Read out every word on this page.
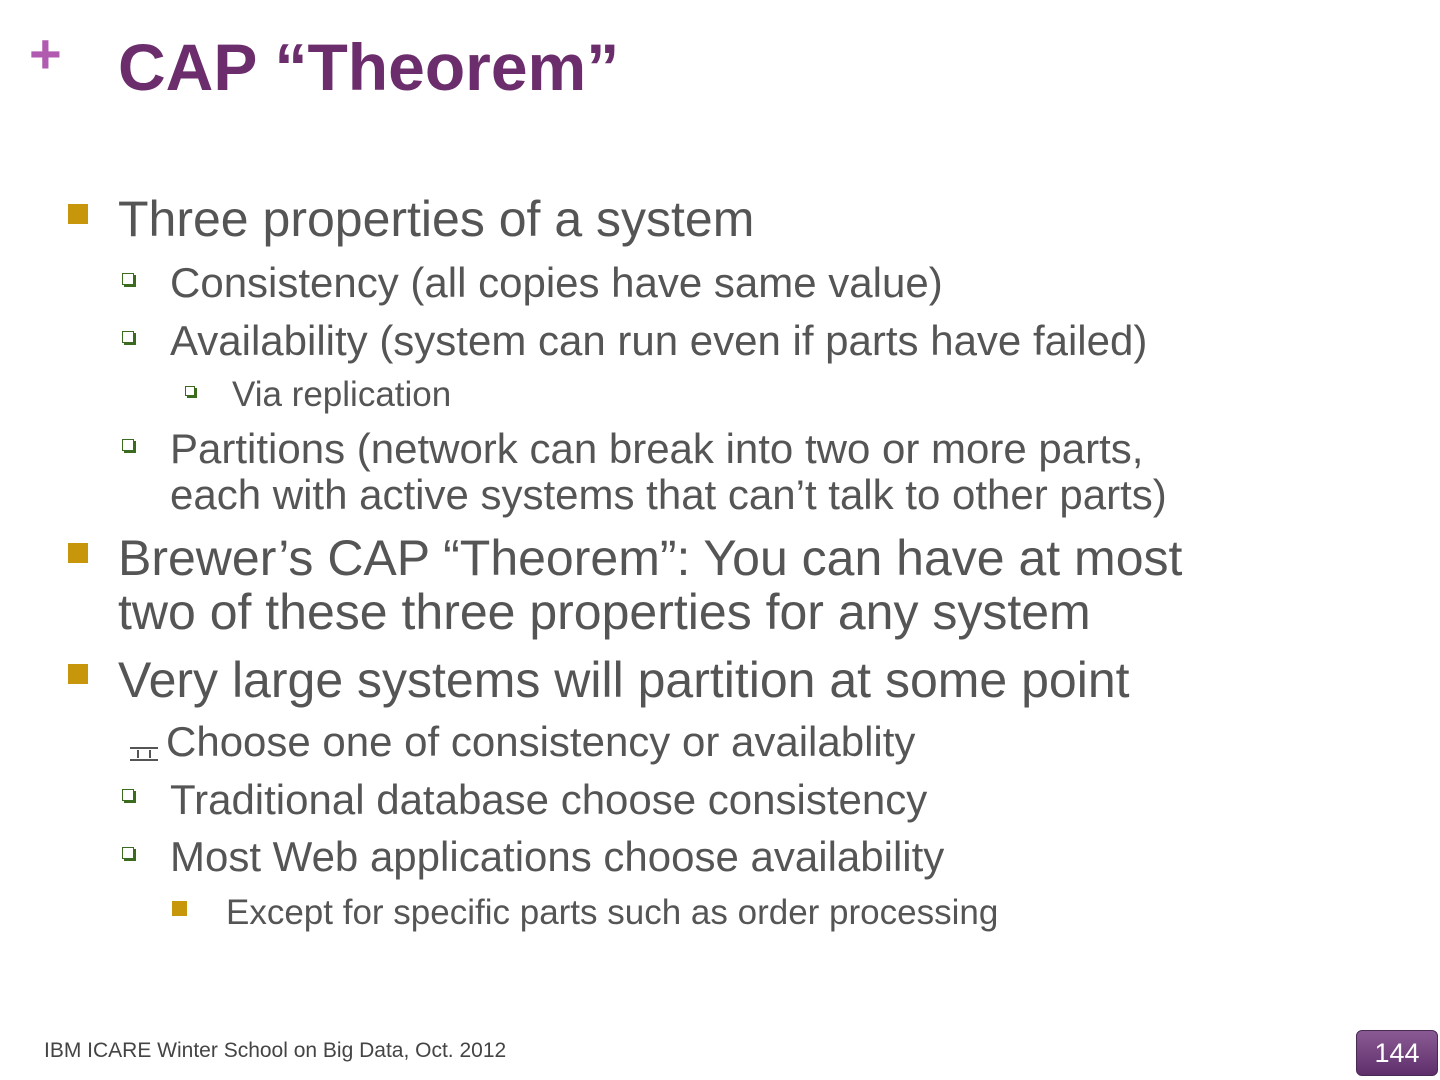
+ CAP “Theorem”
Three properties of a system
Consistency (all copies have same value)
Availability (system can run even if parts have failed)
Via replication
Partitions (network can break into two or more parts,
each with active systems that can’t talk to other parts)
Brewer’s CAP “Theorem”: You can have at most
two of these three properties for any system
Very large systems will partition at some point
Choose one of consistency or availablity
Traditional database choose consistency
Most Web applications choose availability
Except for specific parts such as order processing
IBM ICARE Winter School on Big Data, Oct. 2012	144
